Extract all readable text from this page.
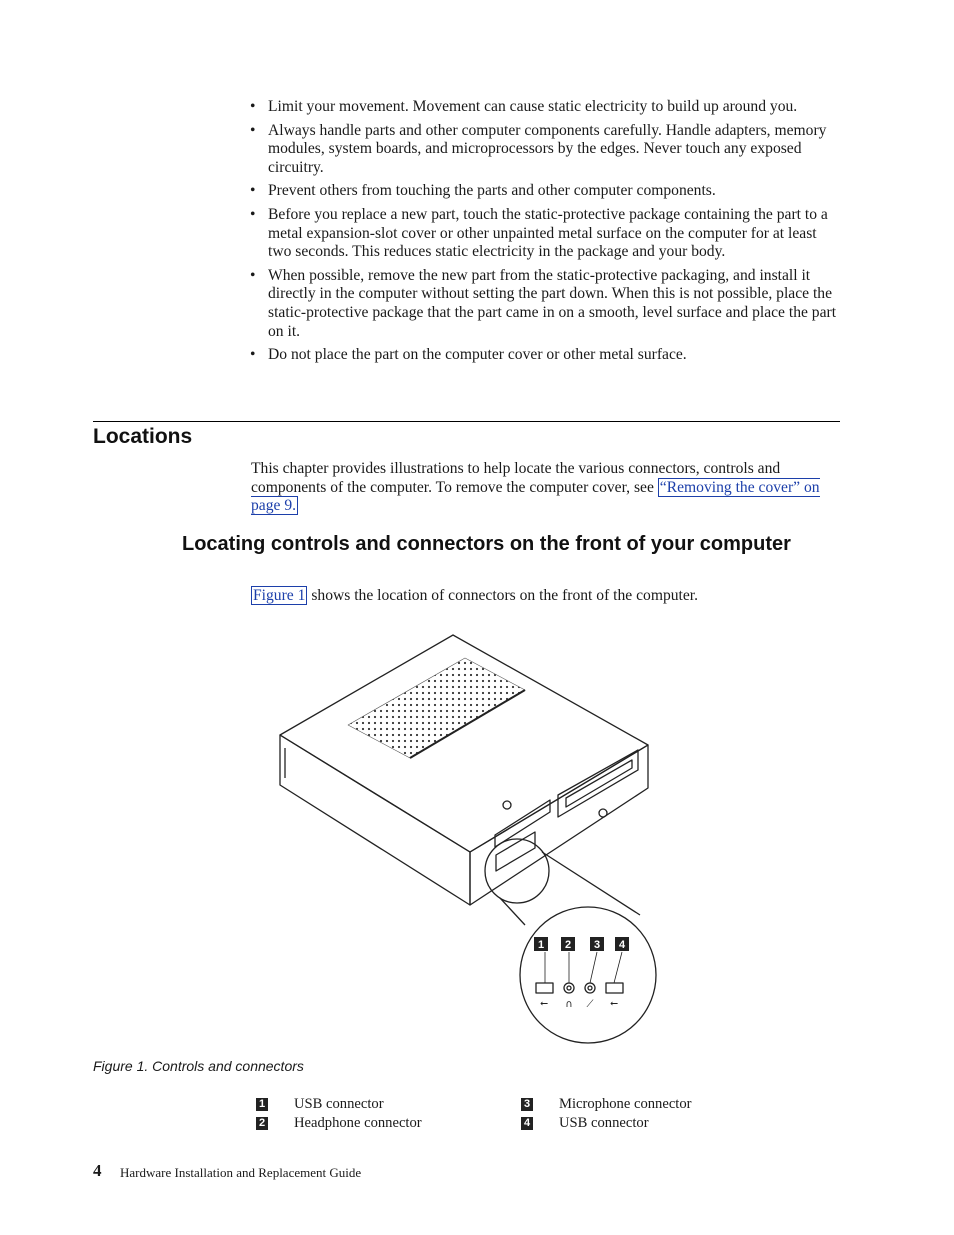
• Limit your movement. Movement can cause static electricity to build up around you.
• Always handle parts and other computer components carefully. Handle adapters, memory modules, system boards, and microprocessors by the edges. Never touch any exposed circuitry.
• Prevent others from touching the parts and other computer components.
• Before you replace a new part, touch the static-protective package containing the part to a metal expansion-slot cover or other unpainted metal surface on the computer for at least two seconds. This reduces static electricity in the package and your body.
• When possible, remove the new part from the static-protective packaging, and install it directly in the computer without setting the part down. When this is not possible, place the static-protective package that the part came in on a smooth, level surface and place the part on it.
• Do not place the part on the computer cover or other metal surface.
Locations

This chapter provides illustrations to help locate the various connectors, controls and components of the computer. To remove the computer cover, see “Removing the cover” on page 9.

Locating controls and connectors on the front of your computer

Figure 1 shows the location of connectors on the front of the computer.

1 2 3 4
⭠ ∩ ⟋ ⭠

Figure 1. Controls and connectors

1 USB connector
2 Headphone connector
3 Microphone connector
4 USB connector
4 Hardware Installation and Replacement Guide
